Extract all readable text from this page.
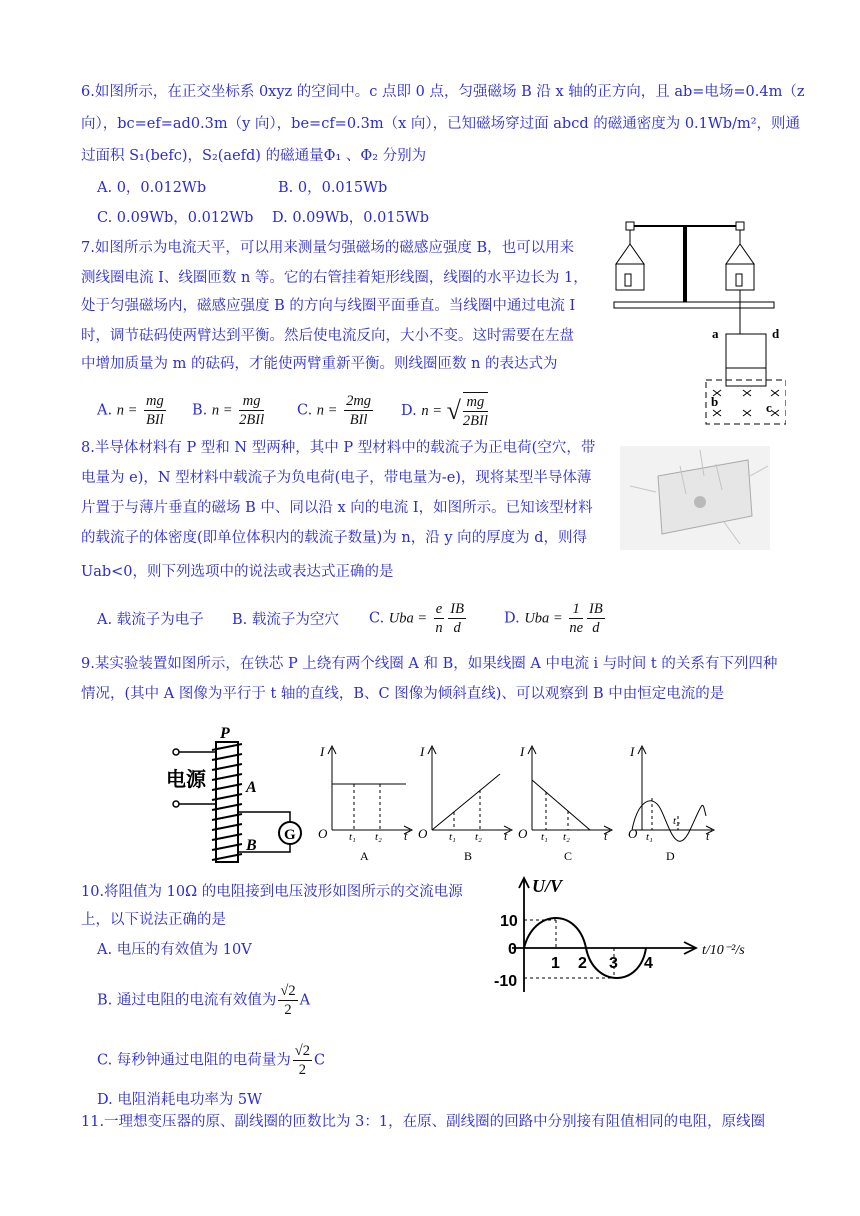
6.如图所示，在正交坐标系 0xyz 的空间中。c 点即 0 点，匀强磁场 B 沿 x 轴的正方向，且 ab=电场=0.4m（z
向），bc=ef=ad0.3m（y 向），be=cf=0.3m（x 向），已知磁场穿过面 abcd 的磁通密度为 0.1Wb/m²，则通
过面积 S₁(befc)，S₂(aefd) 的磁通量Φ₁ 、Φ₂ 分别为
A. 0，0.012Wb	B. 0，0.015Wb
C. 0.09Wb，0.012Wb D. 0.09Wb，0.015Wb
7.如图所示为电流天平，可以用来测量匀强磁场的磁感应强度 B，也可以用来
测线圈电流 I、线圈匝数 n 等。它的右管挂着矩形线圈，线圈的水平边长为 1，
处于匀强磁场内，磁感应强度 B 的方向与线圈平面垂直。当线圈中通过电流 I
时，调节砝码使两臂达到平衡。然后使电流反向，大小不变。这时需要在左盘
中增加质量为 m 的砝码，才能使两臂重新平衡。则线圈匝数 n 的表达式为
A. $n = \frac{mg}{\text{BIl}} B$. $n = \frac{mg}{\text{2BIl}} C$. $n = \frac{2mg}{\text{BIl}} D$. n = √ $\frac{mg}{\text{2BIl}}$
a	d
b	c
8.半导体材料有 P 型和 N 型两种，其中 P 型材料中的载流子为正电荷(空穴，带
电量为 e)，N 型材料中载流子为负电荷(电子，带电量为-e)，现将某型半导体薄
片置于与薄片垂直的磁场 B 中、同以沿 x 向的电流 I，如图所示。已知该型材料
的载流子的体密度(即单位体积内的载流子数量)为 n，沿 y 向的厚度为 d，则得
Uab<0，则下列选项中的说法或表达式正确的是
A. 载流子为电子 B. 载流子为空穴 C. Uba = $\frac{e}{n} \frac{IB}{d}$	D. Uba = $\frac{1}{ne} \frac{IB}{d}$
9.某实验装置如图所示，在铁芯 P 上绕有两个线圈 A 和 B，如果线圈 A 中电流 i 与时间 t 的关系有下列四种
情况，(其中 A 图像为平行于 t 轴的直线，B、C 图像为倾斜直线)、可以观察到 B 中由恒定电流的是
电源
P
A
B
G
I
O t₁ t₂ t
A
I
O t₁ t₂ t
B
I
O t₁ t₂	t
C
I
O t₁
t₂
t
D
10.将阻值为 10Ω 的电阻接到电压波形如图所示的交流电源
上，以下说法正确的是
A. 电压的有效值为 10V
B. 通过电阻的电流有效值为 $\frac{√2}{2}$ A
C. 每秒钟通过电阻的电荷量为 $\frac{√2}{2}$ C
D. 电阻消耗电功率为 5W
U/V
t/10⁻²/s
10
0
-10
1 2 3 4
11.一理想变压器的原、副线圈的匝数比为 3：1，在原、副线圈的回路中分别接有阻值相同的电阻，原线圈
